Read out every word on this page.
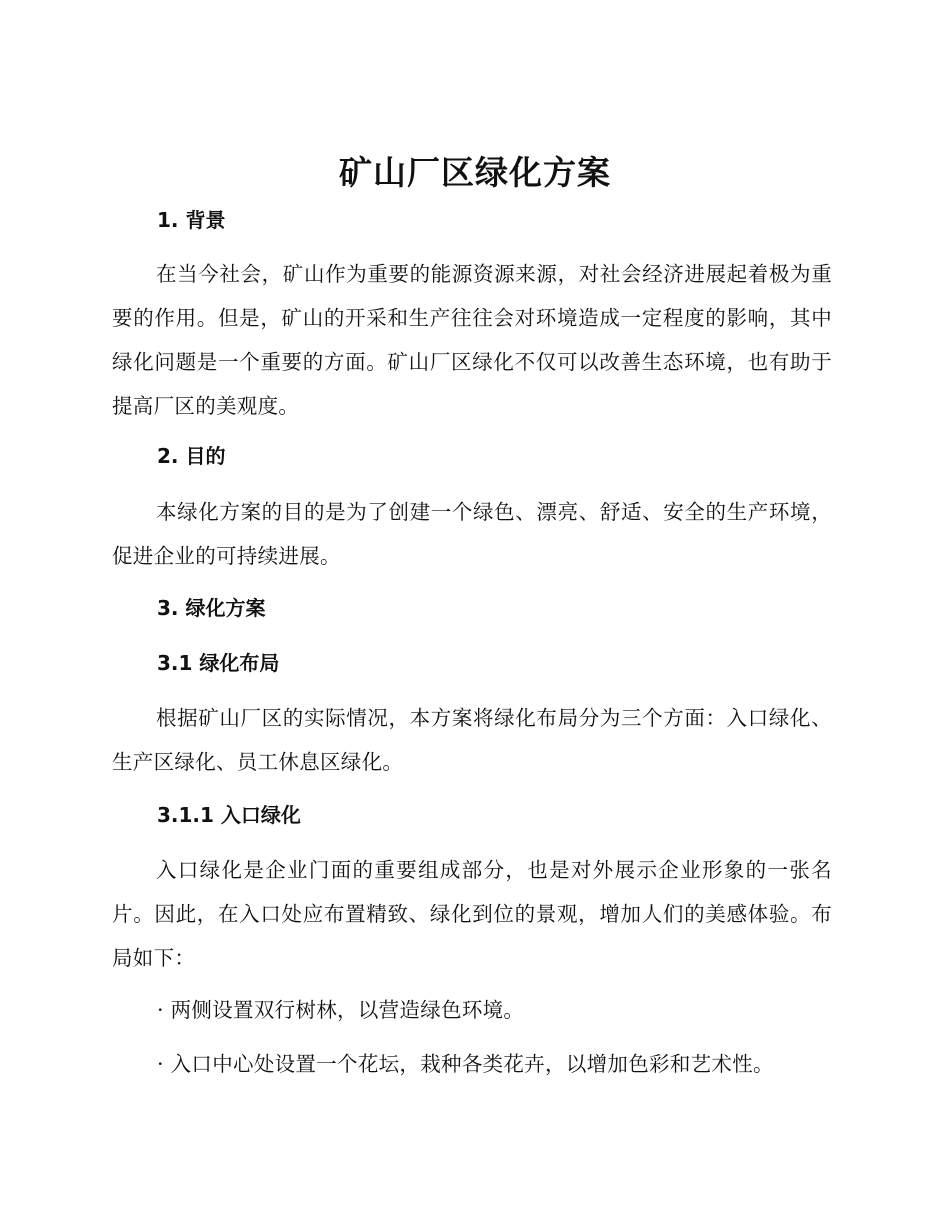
矿山厂区绿化方案
1. 背景
在当今社会，矿山作为重要的能源资源来源，对社会经济进展起着极为重要的作用。但是，矿山的开采和生产往往会对环境造成一定程度的影响，其中绿化问题是一个重要的方面。矿山厂区绿化不仅可以改善生态环境，也有助于提高厂区的美观度。
2. 目的
本绿化方案的目的是为了创建一个绿色、漂亮、舒适、安全的生产环境，促进企业的可持续进展。
3. 绿化方案
3.1 绿化布局
根据矿山厂区的实际情况，本方案将绿化布局分为三个方面：入口绿化、生产区绿化、员工休息区绿化。
3.1.1 入口绿化
入口绿化是企业门面的重要组成部分，也是对外展示企业形象的一张名片。因此，在入口处应布置精致、绿化到位的景观，增加人们的美感体验。布局如下：
· 两侧设置双行树林，以营造绿色环境。
· 入口中心处设置一个花坛，栽种各类花卉，以增加色彩和艺术性。
